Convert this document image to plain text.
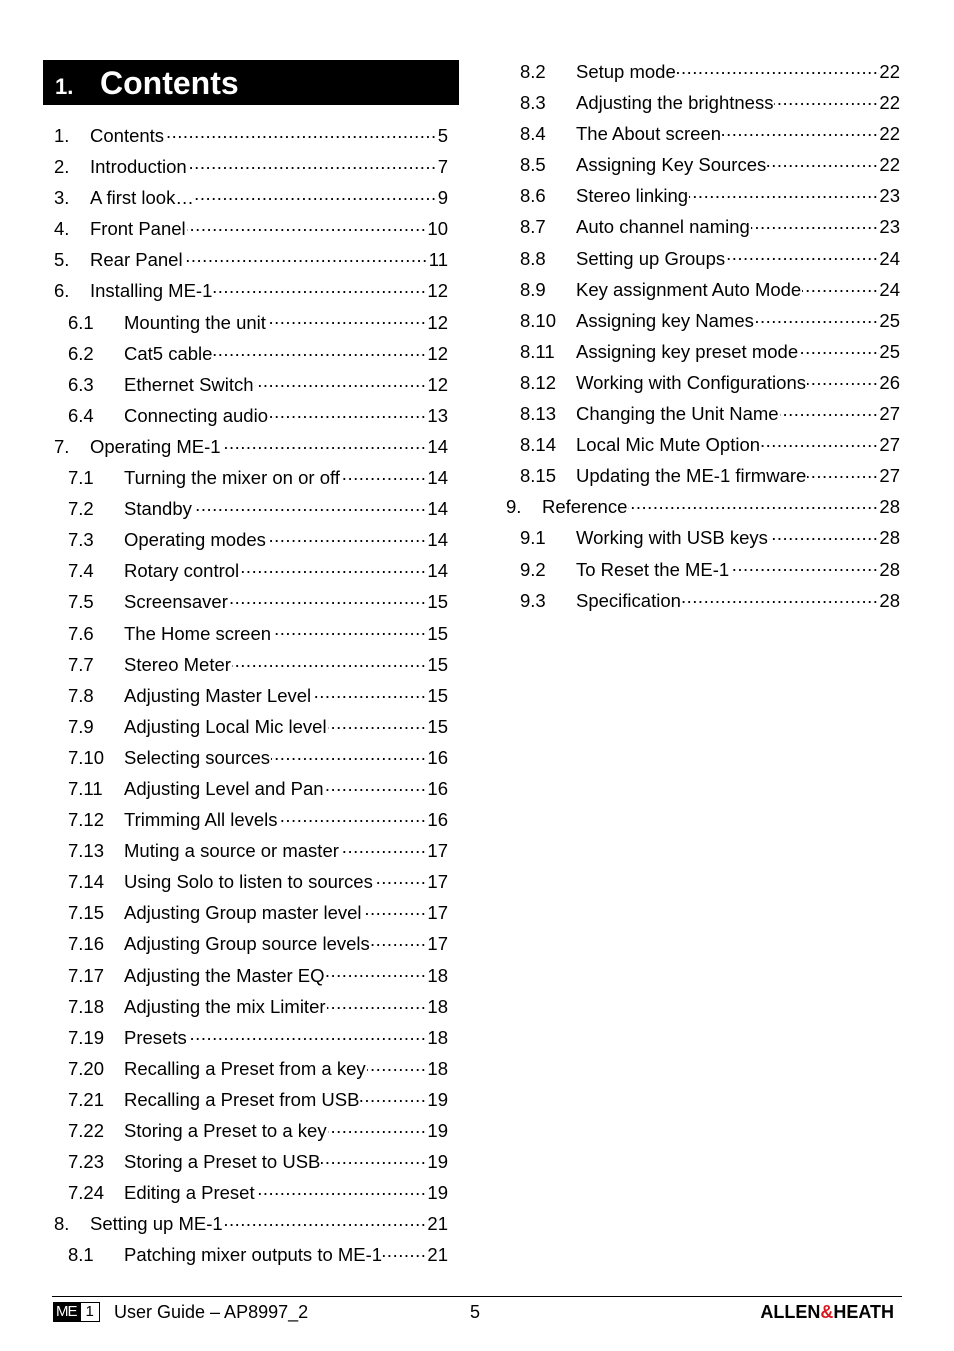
1. Contents
1.	Contents .....	5
2.	Introduction .....	7
3.	A first look… .....	9
4.	Front Panel .....	10
5.	Rear Panel .....	11
6.	Installing ME-1 .....	12
6.1	Mounting the unit .....	12
6.2	Cat5 cable .....	12
6.3	Ethernet Switch .....	12
6.4	Connecting audio .....	13
7.	Operating ME-1 .....	14
7.1	Turning the mixer on or off .....	14
7.2	Standby .....	14
7.3	Operating modes .....	14
7.4	Rotary control .....	14
7.5	Screensaver .....	15
7.6	The Home screen .....	15
7.7	Stereo Meter .....	15
7.8	Adjusting Master Level .....	15
7.9	Adjusting Local Mic level .....	15
7.10	Selecting sources .....	16
7.11	Adjusting Level and Pan .....	16
7.12	Trimming All levels .....	16
7.13	Muting a source or master .....	17
7.14	Using Solo to listen to sources .....	17
7.15	Adjusting Group master level .....	17
7.16	Adjusting Group source levels .....	17
7.17	Adjusting the Master EQ .....	18
7.18	Adjusting the mix Limiter .....	18
7.19	Presets .....	18
7.20	Recalling a Preset from a key .....	18
7.21	Recalling a Preset from USB .....	19
7.22	Storing a Preset to a key .....	19
7.23	Storing a Preset to USB .....	19
7.24	Editing a Preset .....	19
8.	Setting up ME-1 .....	21
8.1	Patching mixer outputs to ME-1 ..... 21
8.2	Setup mode .....	22
8.3	Adjusting the brightness .....	22
8.4	The About screen .....	22
8.5	Assigning Key Sources .....	22
8.6	Stereo linking .....	23
8.7	Auto channel naming .....	23
8.8	Setting up Groups .....	24
8.9	Key assignment Auto Mode .....	24
8.10	Assigning key Names .....	25
8.11	Assigning key preset mode .....	25
8.12	Working with Configurations .....	26
8.13	Changing the Unit Name .....	27
8.14	Local Mic Mute Option .....	27
8.15	Updating the ME-1 firmware .....	27
9.	Reference .....	28
9.1	Working with USB keys .....	28
9.2	To Reset the ME-1 .....	28
9.3	Specification .....	28
ME 1	User Guide – AP8997_2	5	ALLEN&HEATH
